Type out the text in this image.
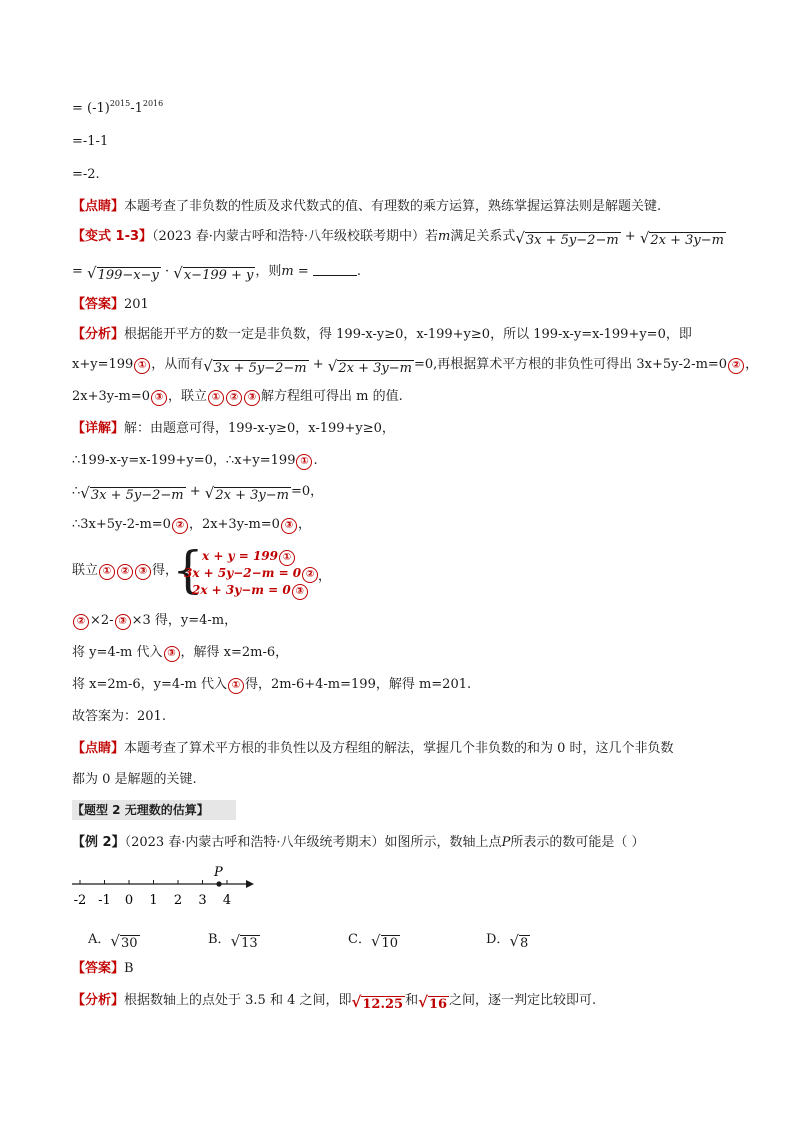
= $(-1)^{2015}-1^{2016}$
=-1-1
=-2.
【点睛】本题考查了非负数的性质及求代数式的值、有理数的乘方运算，熟练掌握运算法则是解题关键.
【变式 1-3】（2023 春·内蒙古呼和浩特·八年级校联考期中）若m满足关系式 √ 3x + 5y−2−m + √ 2x + 3y−m
= √ 199−x−y · √ x−199 + y ，则m =	.
【答案】201
【分析】根据能开平方的数一定是非负数，得 199-x-y≥0，x-199+y≥0，所以 199-x-y=x-199+y=0，即
x+y=199 ① ，从而有 √ 3x + 5y−2−m + √ 2x + 3y−m =0,再根据算术平方根的非负性可得出 3x+5y-2-m=0 ② ，
2x+3y-m=0 ③ ，联立 ① ② ③ 解方程组可得出 m 的值.
【详解】解：由题意可得，199-x-y≥0，x-199+y≥0，
∴199-x-y=x-199+y=0，∴x+y=199 ① .
∴ √ 3x + 5y−2−m + √ 2x + 3y−m =0，
∴3x+5y-2-m=0 ② ，2x+3y-m=0 ③ ，
联立 ① ② ③ 得，
{
x + y = 199 ①
3x + 5y−2−m = 0 ②
2x + 3y−m = 0 ③
，
② ×2- ③ ×3 得，y=4-m，
将 y=4-m 代入 ③ ，解得 x=2m-6，
将 x=2m-6，y=4-m 代入 ① 得，2m-6+4-m=199，解得 m=201.
故答案为：201.
【点睛】本题考查了算术平方根的非负性以及方程组的解法，掌握几个非负数的和为 0 时，这几个非负数
都为 0 是解题的关键.
【题型 2 无理数的估算】
【例 2】（2023 春·内蒙古呼和浩特·八年级统考期末）如图所示，数轴上点P所表示的数可能是（ ）
-2 -1 0 1 2 3 4
P
A． √ 30	B． √ 13	C． √ 10	D． √ 8
【答案】B
【分析】根据数轴上的点处于 3.5 和 4 之间，即 √ 12.25 和 √ 16 之间，逐一判定比较即可.
